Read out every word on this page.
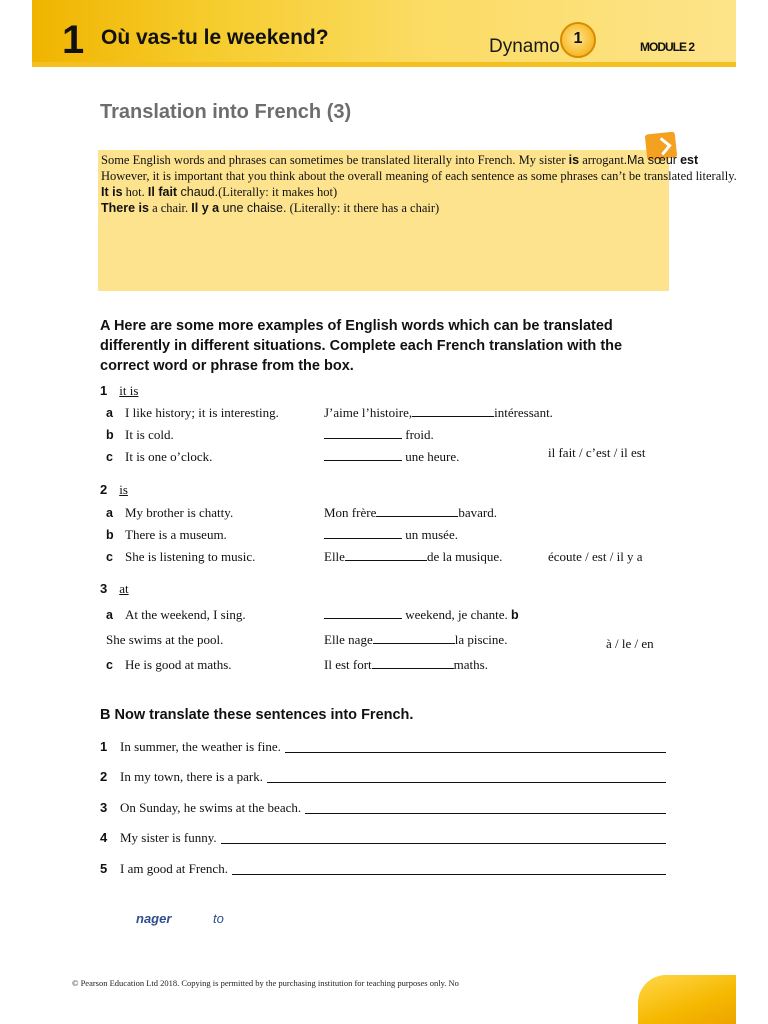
1 Où vas-tu le weekend?	Dynamo 1	MODULE 2
Translation into French (3)
Some English words and phrases can sometimes be translated literally into French. My sister is arrogant.Ma sœur est
However, it is important that you think about the overall meaning of each sentence as some phrases can’t be translated literally.
It is hot. Il fait chaud.(Literally: it makes hot)
There is a chair. Il y a une chaise. (Literally: it there has a chair)
A Here are some more examples of English words which can be translated differently in different situations. Complete each French translation with the correct word or phrase from the box.
1 it is
a I like history; it is interesting.	J’aime l’histoire,	intéressant.
b It is cold.	froid.
c It is one o’clock.	une heure.	il fait / c’est / il est
2 is
a My brother is chatty.	Mon frère	bavard.
b There is a museum.	un musée.
c She is listening to music.	Elle	de la musique.	écoute / est / il y a
3 at
a At the weekend, I sing.	weekend, je chante. b
She swims at the pool.	Elle nage	la piscine.
c He is good at maths.	Il est fort	maths.
à / le / en
B Now translate these sentences into French.
1 In summer, the weather is fine.
2 In my town, there is a park.
3 On Sunday, he swims at the beach.
4 My sister is funny.
5 I am good at French.
nager	to
© Pearson Education Ltd 2018. Copying is permitted by the purchasing institution for teaching purposes only. No
